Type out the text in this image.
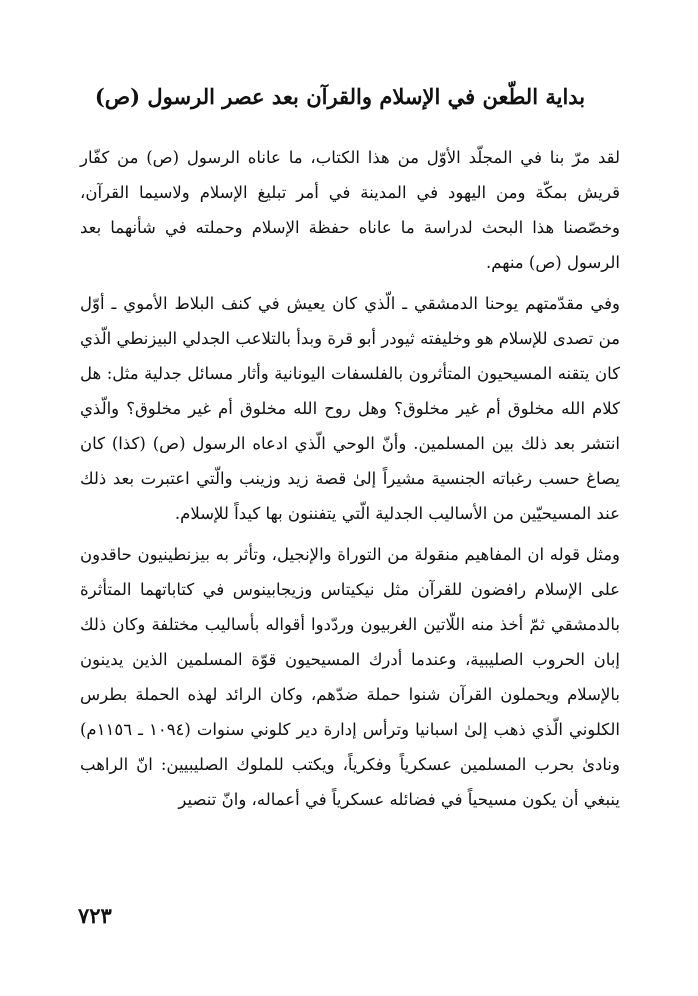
بداية الطّعن في الإسلام والقرآن بعد عصر الرسول (ص)

لقد مرّ بنا في المجلّد الأوّل من هذا الكتاب، ما عاناه الرسول (ص) من كفّار قريش بمكّة ومن اليهود في المدينة في أمر تبليغ الإسلام ولاسيما القرآن، وخصّصنا هذا البحث لدراسة ما عاناه حفظة الإسلام وحملته في شأنهما بعد الرسول (ص) منهم.

وفي مقدّمتهم يوحنا الدمشقي ـ الّذي كان يعيش في كنف البلاط الأموي ـ أوّل من تصدى للإسلام هو وخليفته ثيودر أبو قرة وبدأ بالتلاعب الجدلي البيزنطي الّذي كان يتقنه المسيحيون المتأثرون بالفلسفات اليونانية وأثار مسائل جدلية مثل: هل كلام الله مخلوق أم غير مخلوق؟ وهل روح الله مخلوق أم غير مخلوق؟ والّذي انتشر بعد ذلك بين المسلمين. وأنّ الوحي الّذي ادعاه الرسول (ص) (كذا) كان يصاغ حسب رغباته الجنسية مشيراً إلىٰ قصة زيد وزينب والّتي اعتبرت بعد ذلك عند المسيحيّين من الأساليب الجدلية الّتي يتفننون بها كيداً للإسلام.

ومثل قوله ان المفاهيم منقولة من التوراة والإنجيل، وتأثر به بيزنطينيون حاقدون على الإسلام رافضون للقرآن مثل نيكيتاس وزيجابينوس في كتاباتهما المتأثرة بالدمشقي ثمّ أخذ منه اللّاتين الغربيون وردّدوا أقواله بأساليب مختلفة وكان ذلك إبان الحروب الصليبية، وعندما أدرك المسيحيون قوّة المسلمين الذين يدينون بالإسلام ويحملون القرآن شنوا حملة ضدّهم، وكان الرائد لهذه الحملة بطرس الكلوني الّذي ذهب إلىٰ اسبانيا وترأس إدارة دير كلوني سنوات (١٠٩٤ ـ ١١٥٦م) ونادىٰ بحرب المسلمين عسكرياً وفكرياً، ويكتب للملوك الصليبيين: انّ الراهب ينبغي أن يكون مسيحياً في فضائله عسكرياً في أعماله، وانّ تنصير

٧٢٣
